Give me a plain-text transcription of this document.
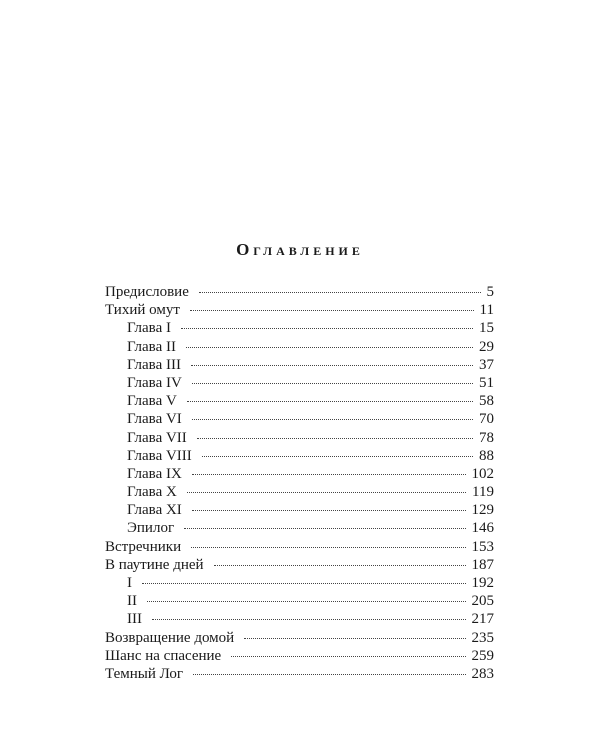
Оглавление
Предисловие	5
Тихий омут	11
Глава I	15
Глава II	29
Глава III	37
Глава IV	51
Глава V	58
Глава VI	70
Глава VII	78
Глава VIII	88
Глава IX	102
Глава X	119
Глава XI	129
Эпилог	146
Встречники	153
В паутине дней	187
I	192
II	205
III	217
Возвращение домой	235
Шанс на спасение	259
Темный Лог	283
